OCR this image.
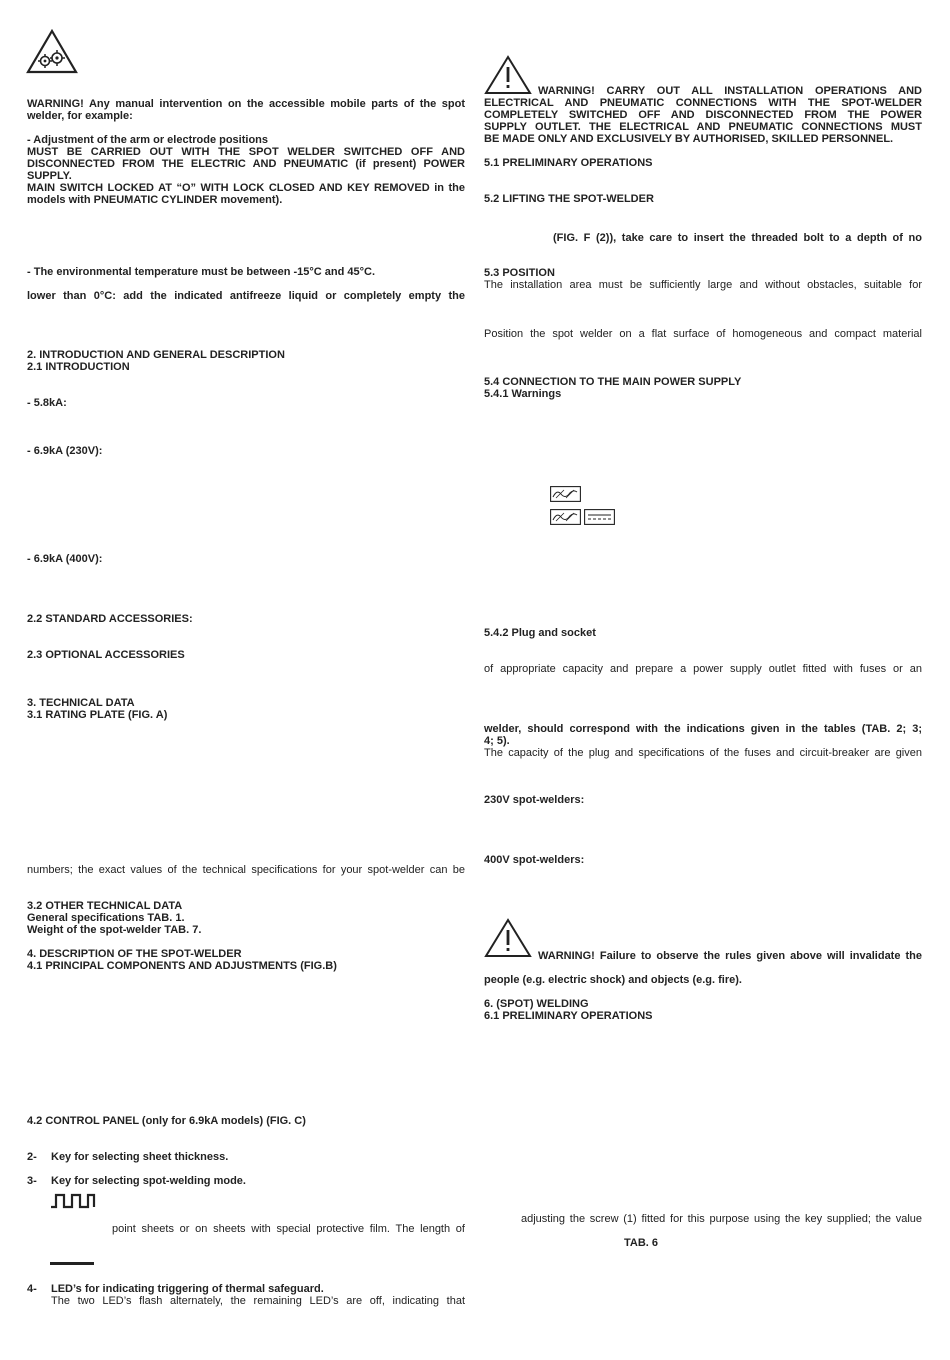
WARNING! Any manual intervention on the accessible mobile parts of the spot welder, for example:

- Adjustment of the arm or electrode positions

MUST BE CARRIED OUT WITH THE SPOT WELDER SWITCHED OFF AND
DISCONNECTED FROM THE ELECTRIC AND PNEUMATIC (if present) POWER
SUPPLY.
MAIN SWITCH LOCKED AT “O” WITH LOCK CLOSED AND KEY REMOVED in the
models with PNEUMATIC CYLINDER movement).

- The environmental temperature must be between -15°C and 45°C.

lower than 0°C: add the indicated antifreeze liquid or completely empty the

2. INTRODUCTION AND GENERAL DESCRIPTION

2.1 INTRODUCTION

- 5.8kA:

- 6.9kA (230V):

- 6.9kA (400V):

2.2 STANDARD ACCESSORIES:

2.3 OPTIONAL ACCESSORIES

3. TECHNICAL DATA

3.1 RATING PLATE (FIG. A)

numbers; the exact values of the technical specifications for your spot-welder can be

3.2 OTHER TECHNICAL DATA

General specifications TAB. 1.

Weight of the spot-welder TAB. 7.

4. DESCRIPTION OF THE SPOT-WELDER

4.1 PRINCIPAL COMPONENTS AND ADJUSTMENTS (FIG.B)

4.2 CONTROL PANEL (only for 6.9kA models) (FIG. C)

2- Key for selecting sheet thickness.

3- Key for selecting spot-welding mode.

point sheets or on sheets with special protective film. The length of

4- LED’s for indicating triggering of thermal safeguard.

The two LED’s flash alternately, the remaining LED’s are off, indicating that

WARNING! CARRY OUT ALL INSTALLATION OPERATIONS AND

ELECTRICAL AND PNEUMATIC CONNECTIONS WITH THE SPOT-WELDER
COMPLETELY SWITCHED OFF AND DISCONNECTED FROM THE POWER
SUPPLY OUTLET. THE ELECTRICAL AND PNEUMATIC CONNECTIONS MUST
BE MADE ONLY AND EXCLUSIVELY BY AUTHORISED, SKILLED PERSONNEL.

5.1 PRELIMINARY OPERATIONS

5.2 LIFTING THE SPOT-WELDER

(FIG. F (2)), take care to insert the threaded bolt to a depth of no

5.3 POSITION

The installation area must be sufficiently large and without obstacles, suitable for

Position the spot welder on a flat surface of homogeneous and compact material

5.4 CONNECTION TO THE MAIN POWER SUPPLY

5.4.1 Warnings

5.4.2 Plug and socket

of appropriate capacity and prepare a power supply outlet fitted with fuses or an

welder, should correspond with the indications given in the tables (TAB. 2; 3;
4; 5).

The capacity of the plug and specifications of the fuses and circuit-breaker are given

230V spot-welders:

400V spot-welders:

WARNING! Failure to observe the rules given above will invalidate the

people (e.g. electric shock) and objects (e.g. fire).

6. (SPOT) WELDING

6.1 PRELIMINARY OPERATIONS

adjusting the screw (1) fitted for this purpose using the key supplied; the value

TAB. 6
